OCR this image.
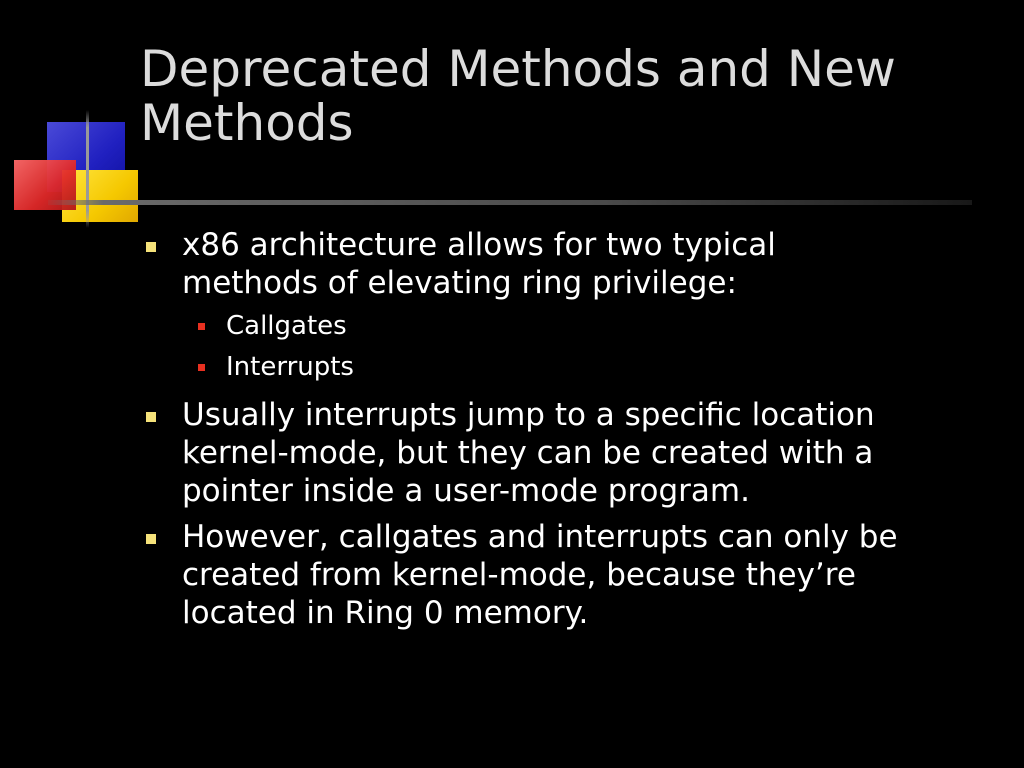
Deprecated Methods and New
Methods
x86 architecture allows for two typical
methods of elevating ring privilege:
Callgates
Interrupts
Usually interrupts jump to a specific location
kernel-mode, but they can be created with a
pointer inside a user-mode program.
However, callgates and interrupts can only be
created from kernel-mode, because they’re
located in Ring 0 memory.
